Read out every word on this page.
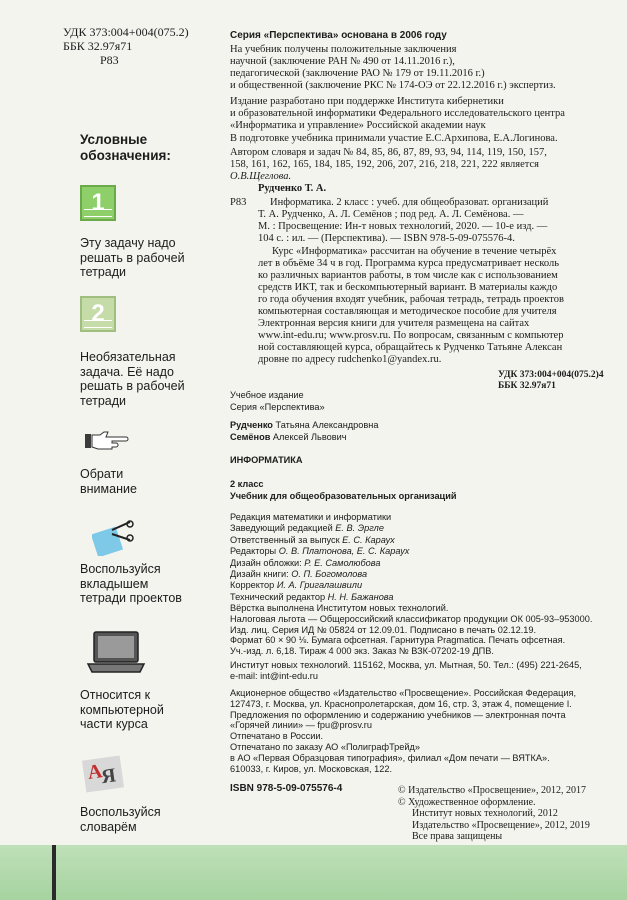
УДК 373:004+004(075.2)
ББК 32.97я71
Р83
Серия «Перспектива» основана в 2006 году
На учебник получены положительные заключения
научной (заключение РАН № 490 от 14.11.2016 г.),
педагогической (заключение РАО № 179 от 19.11.2016 г.)
и общественной (заключение РКС № 174-ОЭ от 22.12.2016 г.) экспертиз.
Издание разработано при поддержке Института кибернетики
и образовательной информатики Федерального исследовательского центра
«Информатика и управление» Российской академии наук
В подготовке учебника принимали участие Е.С.Архипова, Е.А.Логинова.
Автором словаря и задач № 84, 85, 86, 87, 89, 93, 94, 114, 119, 150, 157,
158, 161, 162, 165, 184, 185, 192, 206, 207, 216, 218, 221, 222 является
О.В.Щеглова.
Рудченко Т. А.
Р83 Информатика. 2 класс : учеб. для общеобразоват. организаций
Т. А. Рудченко, А. Л. Семёнов ; под ред. А. Л. Семёнова. —
М. : Просвещение: Ин-т новых технологий, 2020. — 10-е изд. —
104 с. : ил. — (Перспектива). — ISBN 978-5-09-075576-4.
Курс «Информатика» рассчитан на обучение в течение четырёх
лет в объёме 34 ч в год. Программа курса предусматривает несколь
ко различных вариантов работы, в том числе как с использованием
средств ИКТ, так и бескомпьютерный вариант. В материалы каждо
го года обучения входят учебник, рабочая тетрадь, тетрадь проектов
компьютерная составляющая и методическое пособие для учителя
Электронная версия книги для учителя размещена на сайтах
www.int-edu.ru; www.prosv.ru. По вопросам, связанным с компьютер
ной составляющей курса, обращайтесь к Рудченко Татьяне Алексан
дровне по адресу rudchenko1@yandex.ru.
УДК 373:004+004(075.2)4
ББК 32.97я71
Учебное издание
Серия «Перспектива»
Рудченко Татьяна Александровна
Семёнов Алексей Львович
ИНФОРМАТИКА
2 класс
Учебник для общеобразовательных организаций
Редакция математики и информатики
Заведующий редакцией Е. В. Эргле
Ответственный за выпуск Е. С. Караух
Редакторы О. В. Платонова, Е. С. Караух
Дизайн обложки: Р. Е. Самолюбова
Дизайн книги: О. П. Богомолова
Корректор И. А. Григалашвили
Технический редактор Н. Н. Бажанова
Вёрстка выполнена Институтом новых технологий.
Налоговая льгота — Общероссийский классификатор продукции ОК 005-93–953000.
Изд. лиц. Серия ИД № 05824 от 12.09.01. Подписано в печать 02.12.19.
Формат 60 × 90 ⅛. Бумага офсетная. Гарнитура Pragmatica. Печать офсетная.
Уч.-изд. л. 6,18. Тираж 4 000 экз. Заказ № ВЗК-07202-19 ДПВ.
Институт новых технологий. 115162, Москва, ул. Мытная, 50. Тел.: (495) 221-2645,
e-mail: int@int-edu.ru
Акционерное общество «Издательство «Просвещение». Российская Федерация,
127473, г. Москва, ул. Краснопролетарская, дом 16, стр. 3, этаж 4, помещение I.
Предложения по оформлению и содержанию учебников — электронная почта
«Горячей линии» — fpu@prosv.ru
Отпечатано в России.
Отпечатано по заказу АО «ПолиграфТрейд»
в АО «Первая Образцовая типография», филиал «Дом печати — ВЯТКА».
610033, г. Киров, ул. Московская, 122.
ISBN 978-5-09-075576-4	© Издательство «Просвещение», 2012, 2017
© Художественное оформление.
Институт новых технологий, 2012
Издательство «Просвещение», 2012, 2019
Все права защищены
Условные
обозначения:
1
Эту задачу надо
решать в рабочей
тетради
2
Необязательная
задача. Её надо
решать в рабочей
тетради
Обрати
внимание
Воспользуйся
вкладышем
тетради проектов
Относится к
компьютерной
части курса
А
Я
Воспользуйся
словарём
